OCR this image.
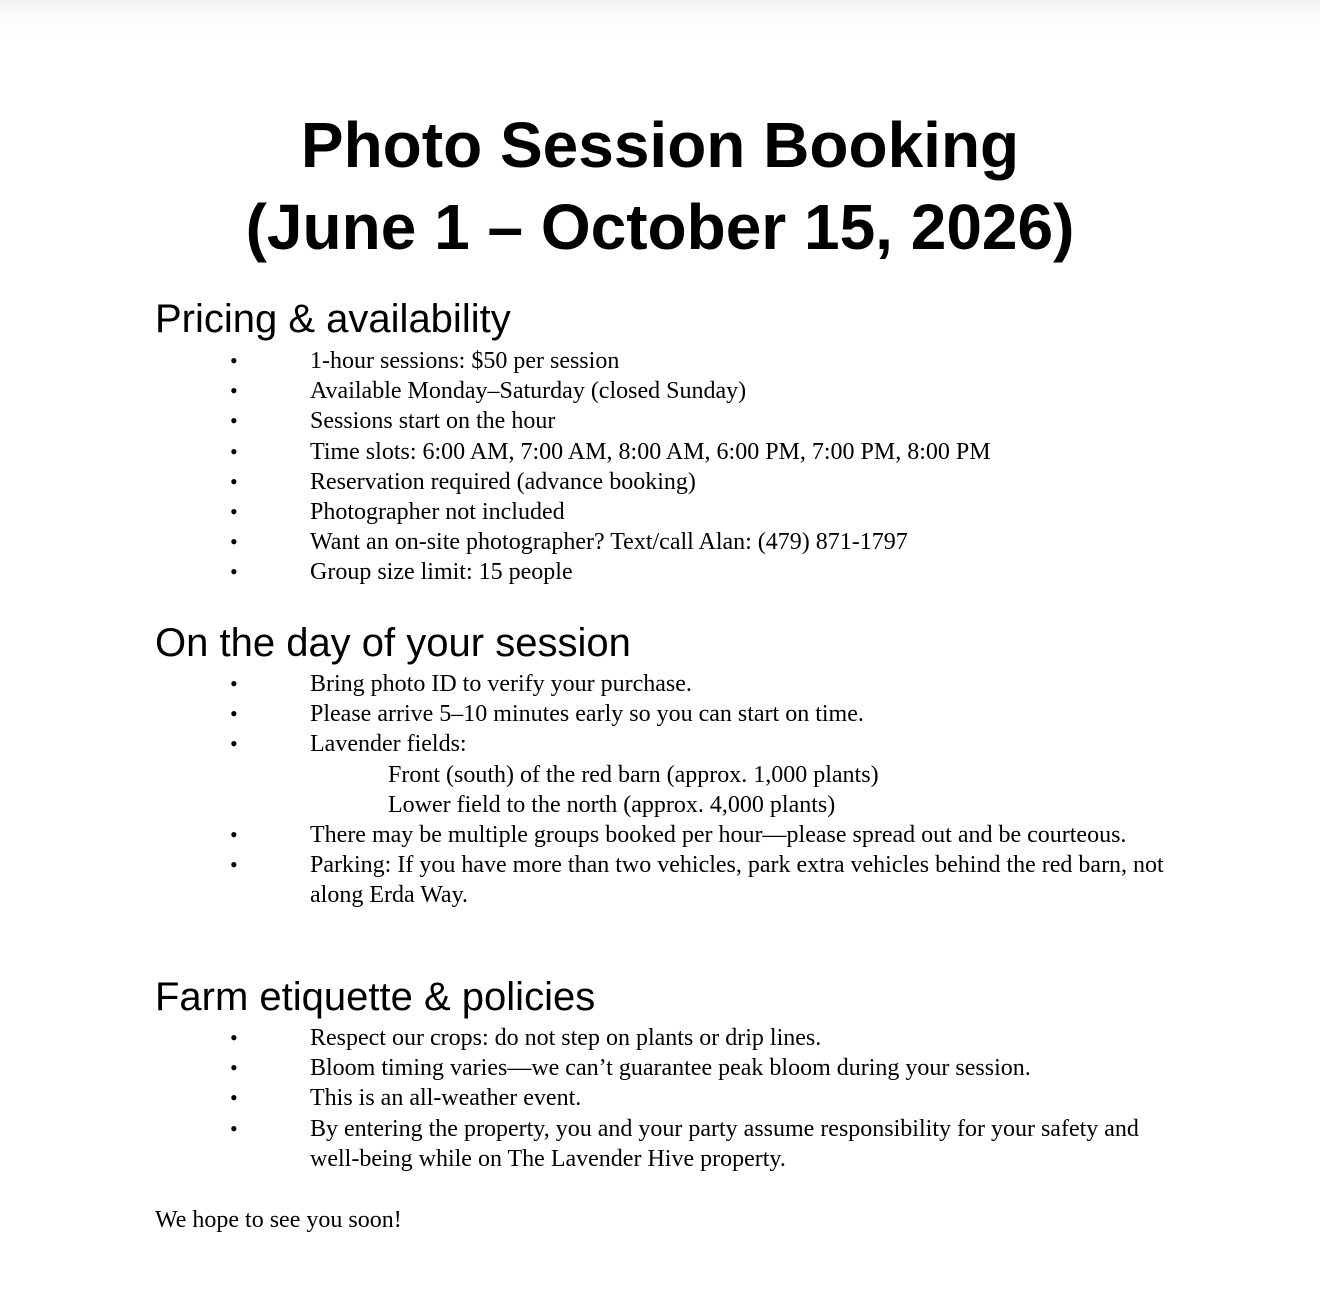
Photo Session Booking
(June 1 – October 15, 2026)
Pricing & availability
•	1-hour sessions: $50 per session
•	Available Monday–Saturday (closed Sunday)
•	Sessions start on the hour
•	Time slots: 6:00 AM, 7:00 AM, 8:00 AM, 6:00 PM, 7:00 PM, 8:00 PM
•	Reservation required (advance booking)
•	Photographer not included
•	Want an on-site photographer? Text/call Alan: (479) 871-1797
•	Group size limit: 15 people
On the day of your session
•	Bring photo ID to verify your purchase.
•	Please arrive 5–10 minutes early so you can start on time.
•	Lavender fields:
Front (south) of the red barn (approx. 1,000 plants)
Lower field to the north (approx. 4,000 plants)
•	There may be multiple groups booked per hour—please spread out and be courteous.
•	Parking: If you have more than two vehicles, park extra vehicles behind the red barn, not along Erda Way.
Farm etiquette & policies
•	Respect our crops: do not step on plants or drip lines.
•	Bloom timing varies—we can’t guarantee peak bloom during your session.
•	This is an all-weather event.
•	By entering the property, you and your party assume responsibility for your safety and well-being while on The Lavender Hive property.

We hope to see you soon!
